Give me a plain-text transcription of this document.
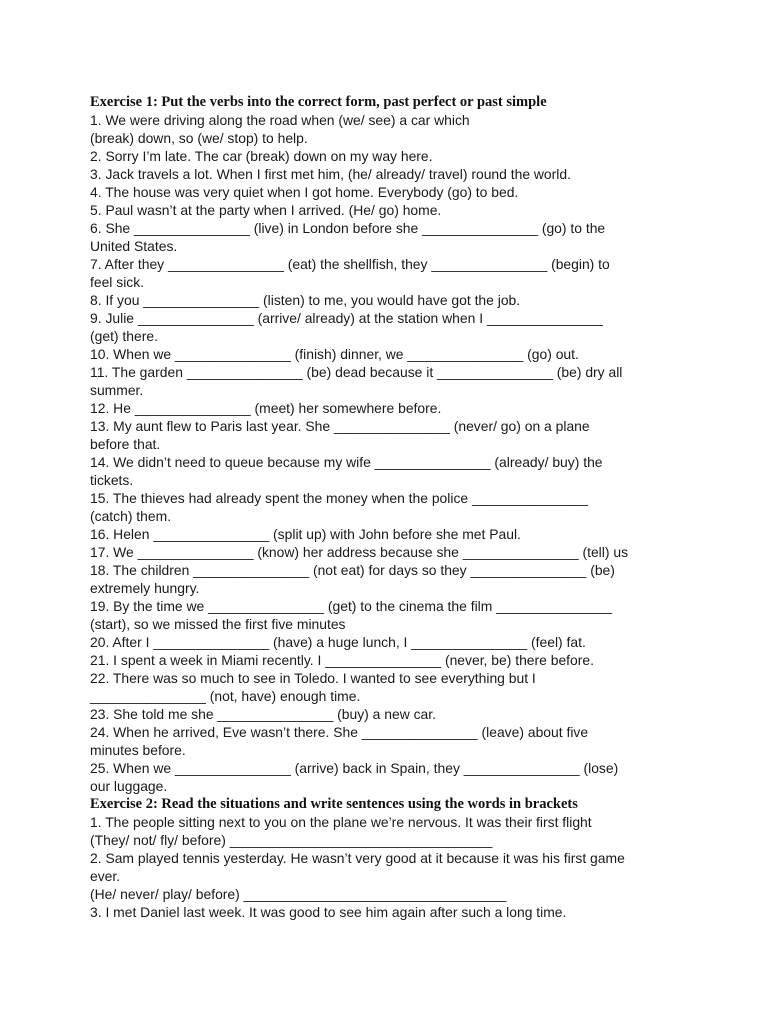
Exercise 1: Put the verbs into the correct form, past perfect or past simple
1. We were driving along the road when (we/ see) a car which
(break) down, so (we/ stop) to help.
2. Sorry I’m late. The car (break) down on my way here.
3. Jack travels a lot. When I first met him, (he/ already/ travel) round the world.
4. The house was very quiet when I got home. Everybody (go) to bed.
5. Paul wasn’t at the party when I arrived. (He/ go) home.
6. She _______________ (live) in London before she _______________ (go) to the
United States.
7. After they _______________ (eat) the shellfish, they _______________ (begin) to
feel sick.
8. If you _______________ (listen) to me, you would have got the job.
9. Julie _______________ (arrive/ already) at the station when I _______________
(get) there.
10. When we _______________ (finish) dinner, we _______________ (go) out.
11. The garden _______________ (be) dead because it _______________ (be) dry all
summer.
12. He _______________ (meet) her somewhere before.
13. My aunt flew to Paris last year. She _______________ (never/ go) on a plane
before that.
14. We didn’t need to queue because my wife _______________ (already/ buy) the
tickets.
15. The thieves had already spent the money when the police _______________
(catch) them.
16. Helen _______________ (split up) with John before she met Paul.
17. We _______________ (know) her address because she _______________ (tell) us
18. The children _______________ (not eat) for days so they _______________ (be)
extremely hungry.
19. By the time we _______________ (get) to the cinema the film _______________
(start), so we missed the first five minutes
20. After I _______________ (have) a huge lunch, I _______________ (feel) fat.
21. I spent a week in Miami recently. I _______________ (never, be) there before.
22. There was so much to see in Toledo. I wanted to see everything but I
_______________ (not, have) enough time.
23. She told me she _______________ (buy) a new car.
24. When he arrived, Eve wasn’t there. She _______________ (leave) about five
minutes before.
25. When we _______________ (arrive) back in Spain, they _______________ (lose)
our luggage.
Exercise 2: Read the situations and write sentences using the words in brackets
1. The people sitting next to you on the plane we’re nervous. It was their first flight
(They/ not/ fly/ before) __________________________________
2. Sam played tennis yesterday. He wasn’t very good at it because it was his first game
ever.
(He/ never/ play/ before) __________________________________
3. I met Daniel last week. It was good to see him again after such a long time.
